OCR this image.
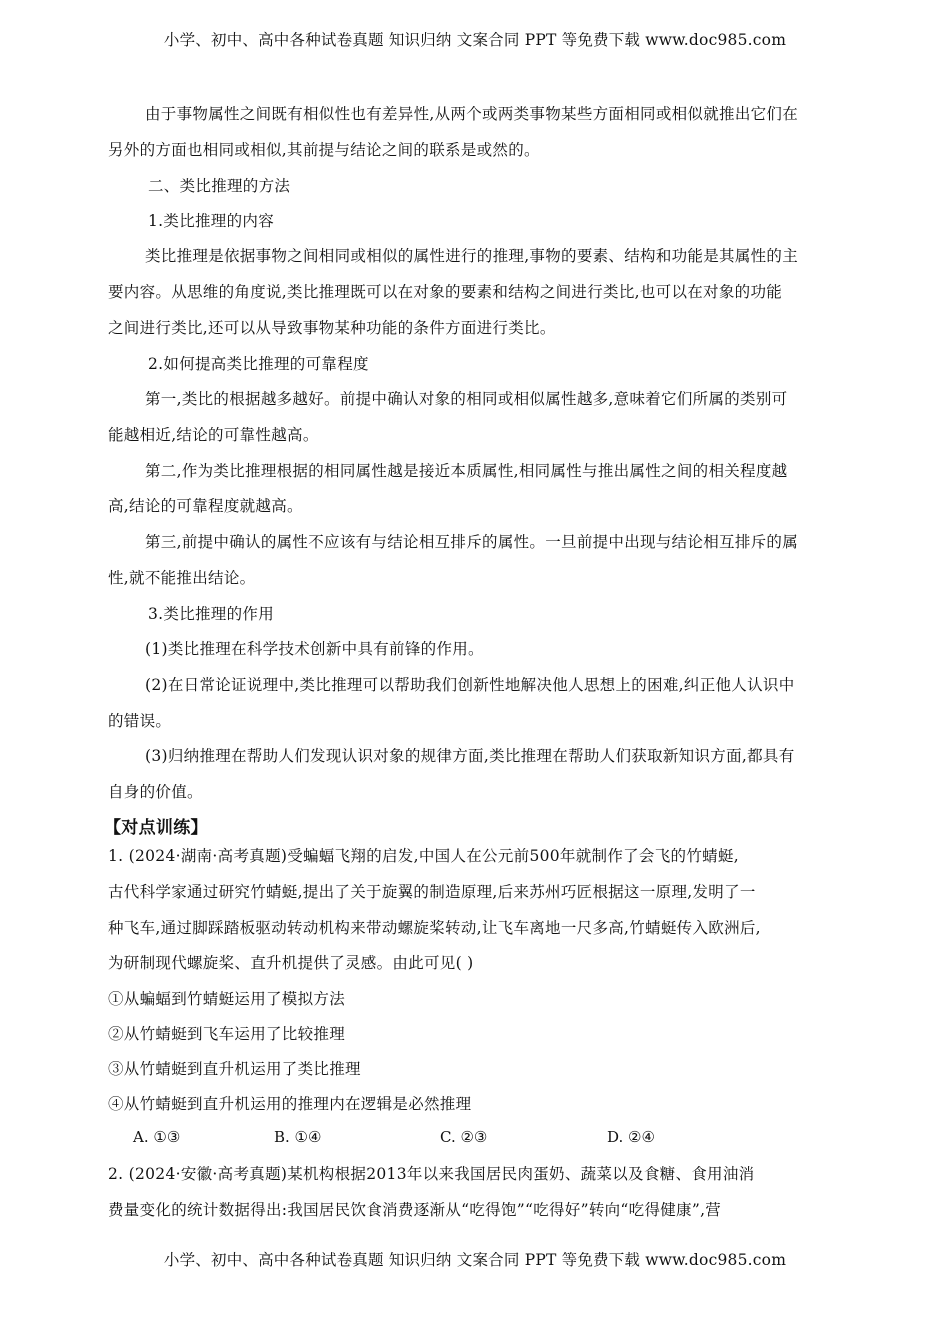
小学、初中、高中各种试卷真题 知识归纳 文案合同 PPT 等免费下载 www.doc985.com
由于事物属性之间既有相似性也有差异性,从两个或两类事物某些方面相同或相似就推出它们在
另外的方面也相同或相似,其前提与结论之间的联系是或然的。
二、类比推理的方法
1.类比推理的内容
类比推理是依据事物之间相同或相似的属性进行的推理,事物的要素、结构和功能是其属性的主
要内容。从思维的角度说,类比推理既可以在对象的要素和结构之间进行类比,也可以在对象的功能
之间进行类比,还可以从导致事物某种功能的条件方面进行类比。
2.如何提高类比推理的可靠程度
第一,类比的根据越多越好。前提中确认对象的相同或相似属性越多,意味着它们所属的类别可
能越相近,结论的可靠性越高。
第二,作为类比推理根据的相同属性越是接近本质属性,相同属性与推出属性之间的相关程度越
高,结论的可靠程度就越高。
第三,前提中确认的属性不应该有与结论相互排斥的属性。一旦前提中出现与结论相互排斥的属
性,就不能推出结论。
3.类比推理的作用
(1)类比推理在科学技术创新中具有前锋的作用。
(2)在日常论证说理中,类比推理可以帮助我们创新性地解决他人思想上的困难,纠正他人认识中
的错误。
(3)归纳推理在帮助人们发现认识对象的规律方面,类比推理在帮助人们获取新知识方面,都具有
自身的价值。
【对点训练】
1. (2024·湖南·高考真题)受蝙蝠飞翔的启发,中国人在公元前500年就制作了会飞的竹蜻蜓,
古代科学家通过研究竹蜻蜓,提出了关于旋翼的制造原理,后来苏州巧匠根据这一原理,发明了一
种飞车,通过脚踩踏板驱动转动机构来带动螺旋桨转动,让飞车离地一尺多高,竹蜻蜓传入欧洲后,
为研制现代螺旋桨、直升机提供了灵感。由此可见( )
①从蝙蝠到竹蜻蜓运用了模拟方法
②从竹蜻蜓到飞车运用了比较推理
③从竹蜻蜓到直升机运用了类比推理
④从竹蜻蜓到直升机运用的推理内在逻辑是必然推理
A. ①③	B. ①④	C. ②③	D. ②④
2. (2024·安徽·高考真题)某机构根据2013年以来我国居民肉蛋奶、蔬菜以及食糖、食用油消
费量变化的统计数据得出:我国居民饮食消费逐渐从“吃得饱”“吃得好”转向“吃得健康”,营
小学、初中、高中各种试卷真题 知识归纳 文案合同 PPT 等免费下载 www.doc985.com
